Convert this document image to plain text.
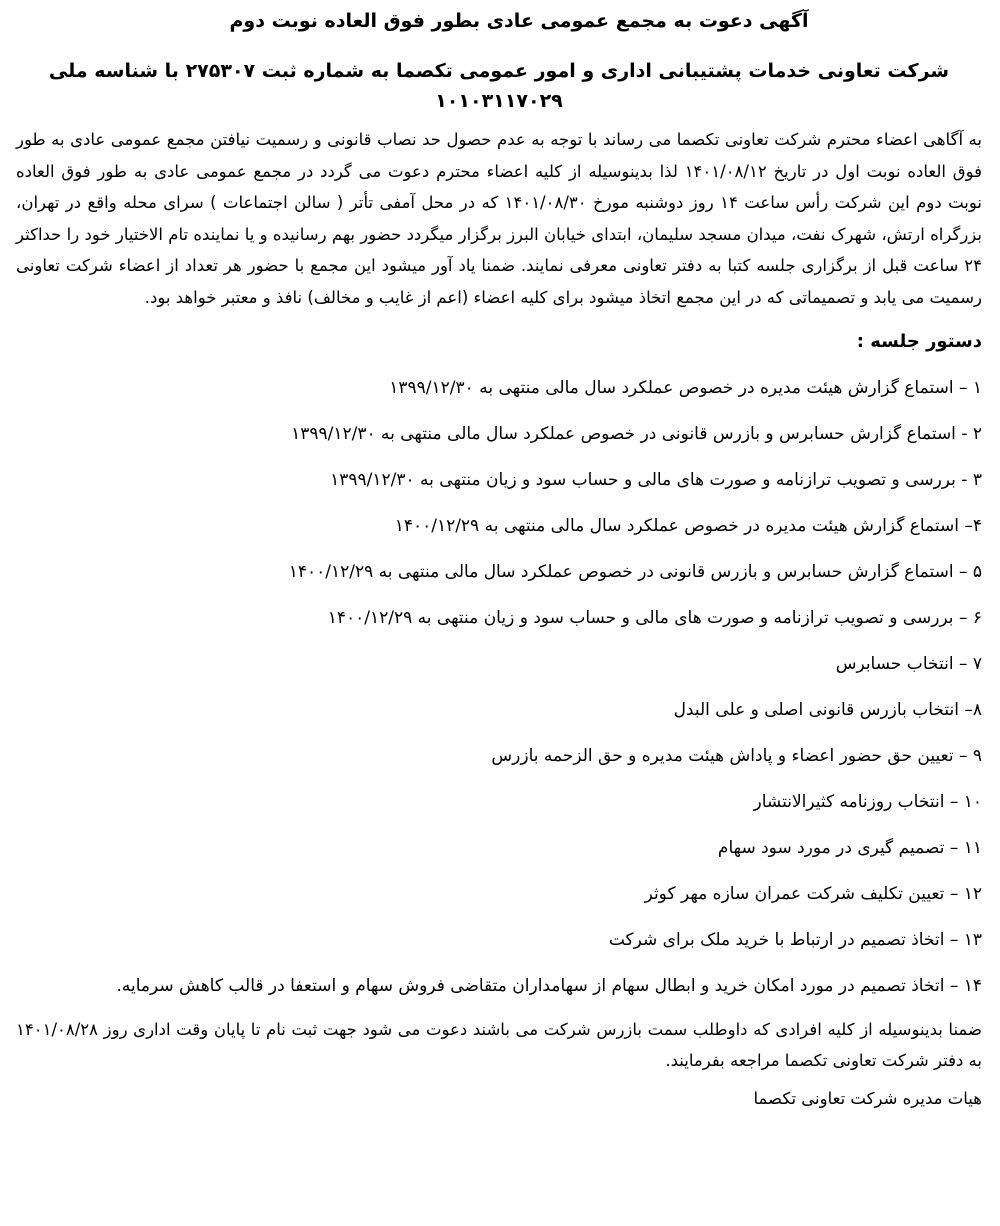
آگهی دعوت به مجمع عمومی عادی بطور فوق العاده نوبت دوم
شرکت تعاونی خدمات پشتیبانی اداری و امور عمومی تکصما به شماره ثبت ۲۷۵۳۰۷ با شناسه ملی ۱۰۱۰۳۱۱۷۰۲۹

به آگاهی اعضاء محترم شرکت تعاونی تکصما می رساند با توجه به عدم حصول حد نصاب قانونی و رسمیت نیافتن مجمع عمومی عادی به طور فوق العاده نوبت اول در تاریخ ۱۴۰۱/۰۸/۱۲ لذا بدینوسیله از کلیه اعضاء محترم دعوت می گردد در مجمع عمومی عادی به طور فوق العاده نوبت دوم این شرکت رأس ساعت ۱۴ روز دوشنبه مورخ ۱۴۰۱/۰۸/۳۰ که در محل آمفی تأتر ( سالن اجتماعات ) سرای محله واقع در تهران، بزرگراه ارتش، شهرک نفت، میدان مسجد سلیمان، ابتدای خیابان البرز برگزار میگردد حضور بهم رسانیده و یا نماینده تام الاختیار خود را حداکثر ۲۴ ساعت قبل از برگزاری جلسه کتبا به دفتر تعاونی معرفی نمایند. ضمنا یاد آور میشود این مجمع با حضور هر تعداد از اعضاء شرکت تعاونی رسمیت می یابد و تصمیماتی که در این مجمع اتخاذ میشود برای کلیه اعضاء (اعم از غایب و مخالف) نافذ و معتبر خواهد بود.

دستور جلسه :
۱ – استماع گزارش هیئت مدیره در خصوص عملکرد سال مالی منتهی به ۱۳۹۹/۱۲/۳۰
۲ - استماع گزارش حسابرس و بازرس قانونی در خصوص عملکرد سال مالی منتهی به ۱۳۹۹/۱۲/۳۰
۳ - بررسی و تصویب ترازنامه و صورت های مالی و حساب سود و زیان منتهی به ۱۳۹۹/۱۲/۳۰
۴– استماع گزارش هیئت مدیره در خصوص عملکرد سال مالی منتهی به ۱۴۰۰/۱۲/۲۹
۵ – استماع گزارش حسابرس و بازرس قانونی در خصوص عملکرد سال مالی منتهی به ۱۴۰۰/۱۲/۲۹
۶ – بررسی و تصویب ترازنامه و صورت های مالی و حساب سود و زیان منتهی به ۱۴۰۰/۱۲/۲۹
۷ – انتخاب حسابرس
۸– انتخاب بازرس قانونی اصلی و علی البدل
۹ – تعیین حق حضور اعضاء و پاداش هیئت مدیره و حق الزحمه بازرس
۱۰ – انتخاب روزنامه کثیرالانتشار
۱۱ – تصمیم گیری در مورد سود سهام
۱۲ – تعیین تکلیف شرکت عمران سازه مهر کوثر
۱۳ – اتخاذ تصمیم در ارتباط با خرید ملک برای شرکت
۱۴ – اتخاذ تصمیم در مورد امکان خرید و ابطال سهام از سهامداران متقاضی فروش سهام و استعفا در قالب کاهش سرمایه.

ضمنا بدینوسیله از کلیه افرادی که داوطلب سمت بازرس شرکت می باشند دعوت می شود جهت ثبت نام تا پایان وقت اداری روز ۱۴۰۱/۰۸/۲۸ به دفتر شرکت تعاونی تکصما مراجعه بفرمایند.

هیات مدیره شرکت تعاونی تکصما
